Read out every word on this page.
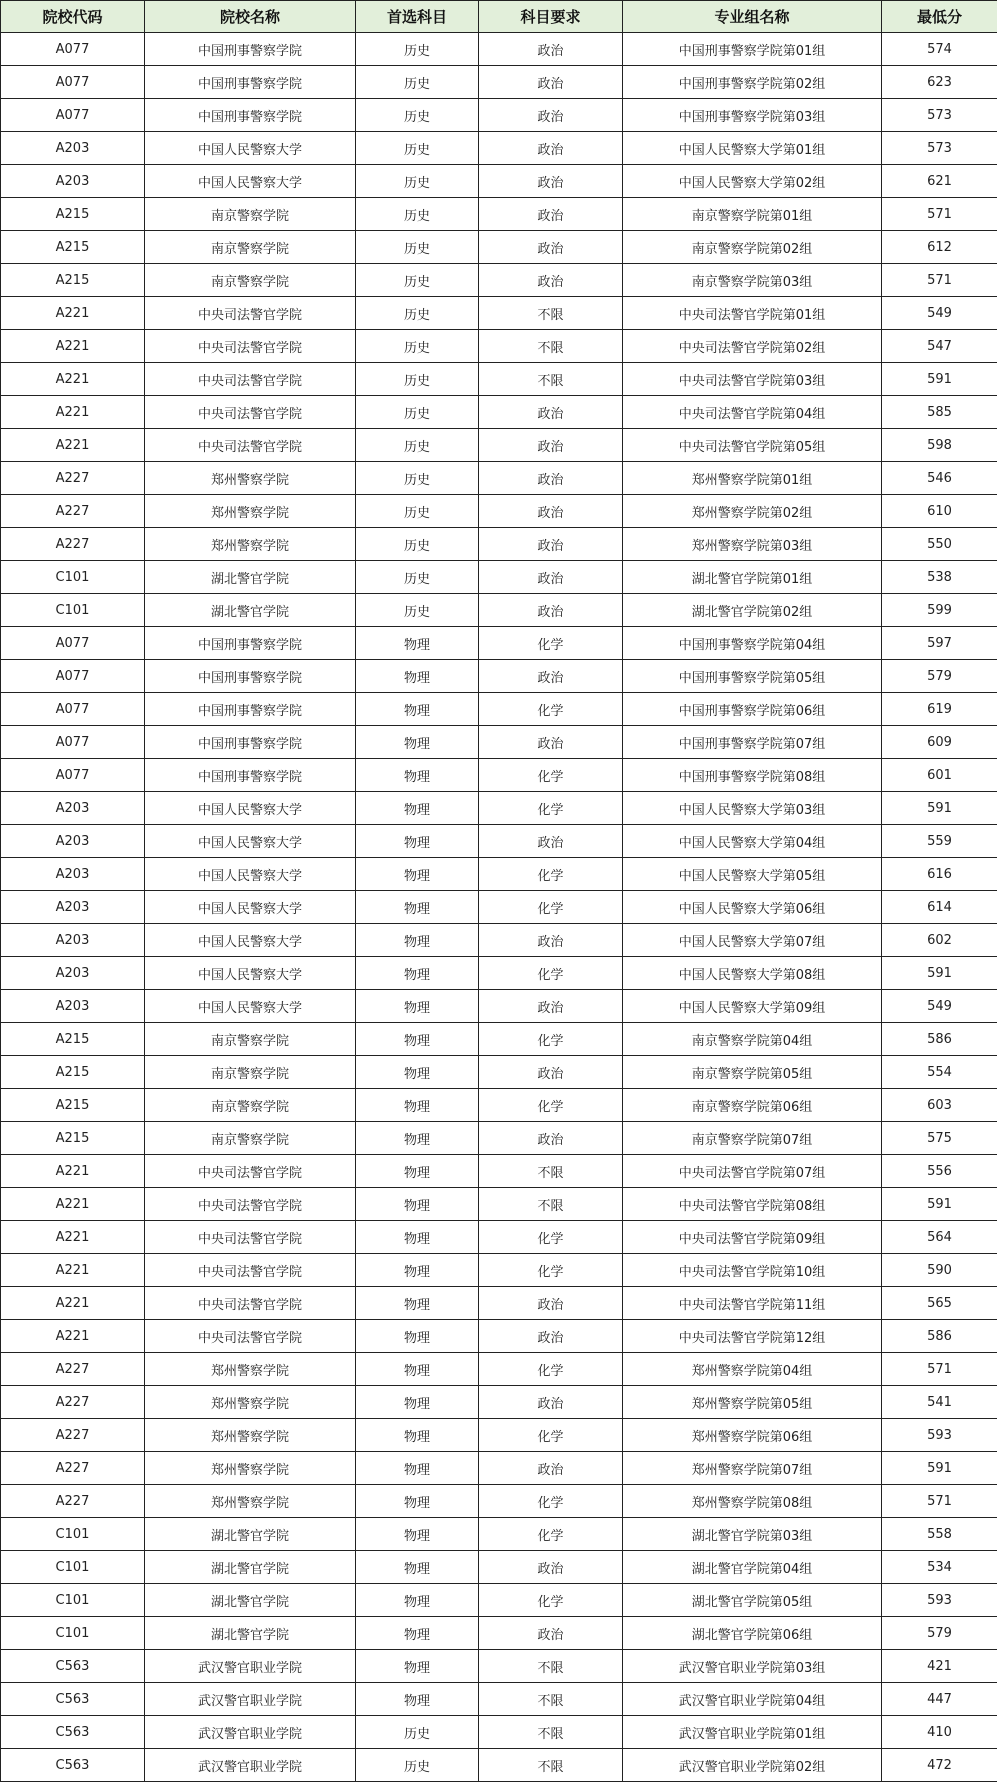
院校代码	院校名称	首选科目	科目要求	专业组名称	最低分
A077	中国刑事警察学院	历史	政治	中国刑事警察学院第01组	574
A077	中国刑事警察学院	历史	政治	中国刑事警察学院第02组	623
A077	中国刑事警察学院	历史	政治	中国刑事警察学院第03组	573
A203	中国人民警察大学	历史	政治	中国人民警察大学第01组	573
A203	中国人民警察大学	历史	政治	中国人民警察大学第02组	621
A215	南京警察学院	历史	政治	南京警察学院第01组	571
A215	南京警察学院	历史	政治	南京警察学院第02组	612
A215	南京警察学院	历史	政治	南京警察学院第03组	571
A221	中央司法警官学院	历史	不限	中央司法警官学院第01组	549
A221	中央司法警官学院	历史	不限	中央司法警官学院第02组	547
A221	中央司法警官学院	历史	不限	中央司法警官学院第03组	591
A221	中央司法警官学院	历史	政治	中央司法警官学院第04组	585
A221	中央司法警官学院	历史	政治	中央司法警官学院第05组	598
A227	郑州警察学院	历史	政治	郑州警察学院第01组	546
A227	郑州警察学院	历史	政治	郑州警察学院第02组	610
A227	郑州警察学院	历史	政治	郑州警察学院第03组	550
C101	湖北警官学院	历史	政治	湖北警官学院第01组	538
C101	湖北警官学院	历史	政治	湖北警官学院第02组	599
A077	中国刑事警察学院	物理	化学	中国刑事警察学院第04组	597
A077	中国刑事警察学院	物理	政治	中国刑事警察学院第05组	579
A077	中国刑事警察学院	物理	化学	中国刑事警察学院第06组	619
A077	中国刑事警察学院	物理	政治	中国刑事警察学院第07组	609
A077	中国刑事警察学院	物理	化学	中国刑事警察学院第08组	601
A203	中国人民警察大学	物理	化学	中国人民警察大学第03组	591
A203	中国人民警察大学	物理	政治	中国人民警察大学第04组	559
A203	中国人民警察大学	物理	化学	中国人民警察大学第05组	616
A203	中国人民警察大学	物理	化学	中国人民警察大学第06组	614
A203	中国人民警察大学	物理	政治	中国人民警察大学第07组	602
A203	中国人民警察大学	物理	化学	中国人民警察大学第08组	591
A203	中国人民警察大学	物理	政治	中国人民警察大学第09组	549
A215	南京警察学院	物理	化学	南京警察学院第04组	586
A215	南京警察学院	物理	政治	南京警察学院第05组	554
A215	南京警察学院	物理	化学	南京警察学院第06组	603
A215	南京警察学院	物理	政治	南京警察学院第07组	575
A221	中央司法警官学院	物理	不限	中央司法警官学院第07组	556
A221	中央司法警官学院	物理	不限	中央司法警官学院第08组	591
A221	中央司法警官学院	物理	化学	中央司法警官学院第09组	564
A221	中央司法警官学院	物理	化学	中央司法警官学院第10组	590
A221	中央司法警官学院	物理	政治	中央司法警官学院第11组	565
A221	中央司法警官学院	物理	政治	中央司法警官学院第12组	586
A227	郑州警察学院	物理	化学	郑州警察学院第04组	571
A227	郑州警察学院	物理	政治	郑州警察学院第05组	541
A227	郑州警察学院	物理	化学	郑州警察学院第06组	593
A227	郑州警察学院	物理	政治	郑州警察学院第07组	591
A227	郑州警察学院	物理	化学	郑州警察学院第08组	571
C101	湖北警官学院	物理	化学	湖北警官学院第03组	558
C101	湖北警官学院	物理	政治	湖北警官学院第04组	534
C101	湖北警官学院	物理	化学	湖北警官学院第05组	593
C101	湖北警官学院	物理	政治	湖北警官学院第06组	579
C563	武汉警官职业学院	物理	不限	武汉警官职业学院第03组	421
C563	武汉警官职业学院	物理	不限	武汉警官职业学院第04组	447
C563	武汉警官职业学院	历史	不限	武汉警官职业学院第01组	410
C563	武汉警官职业学院	历史	不限	武汉警官职业学院第02组	472
